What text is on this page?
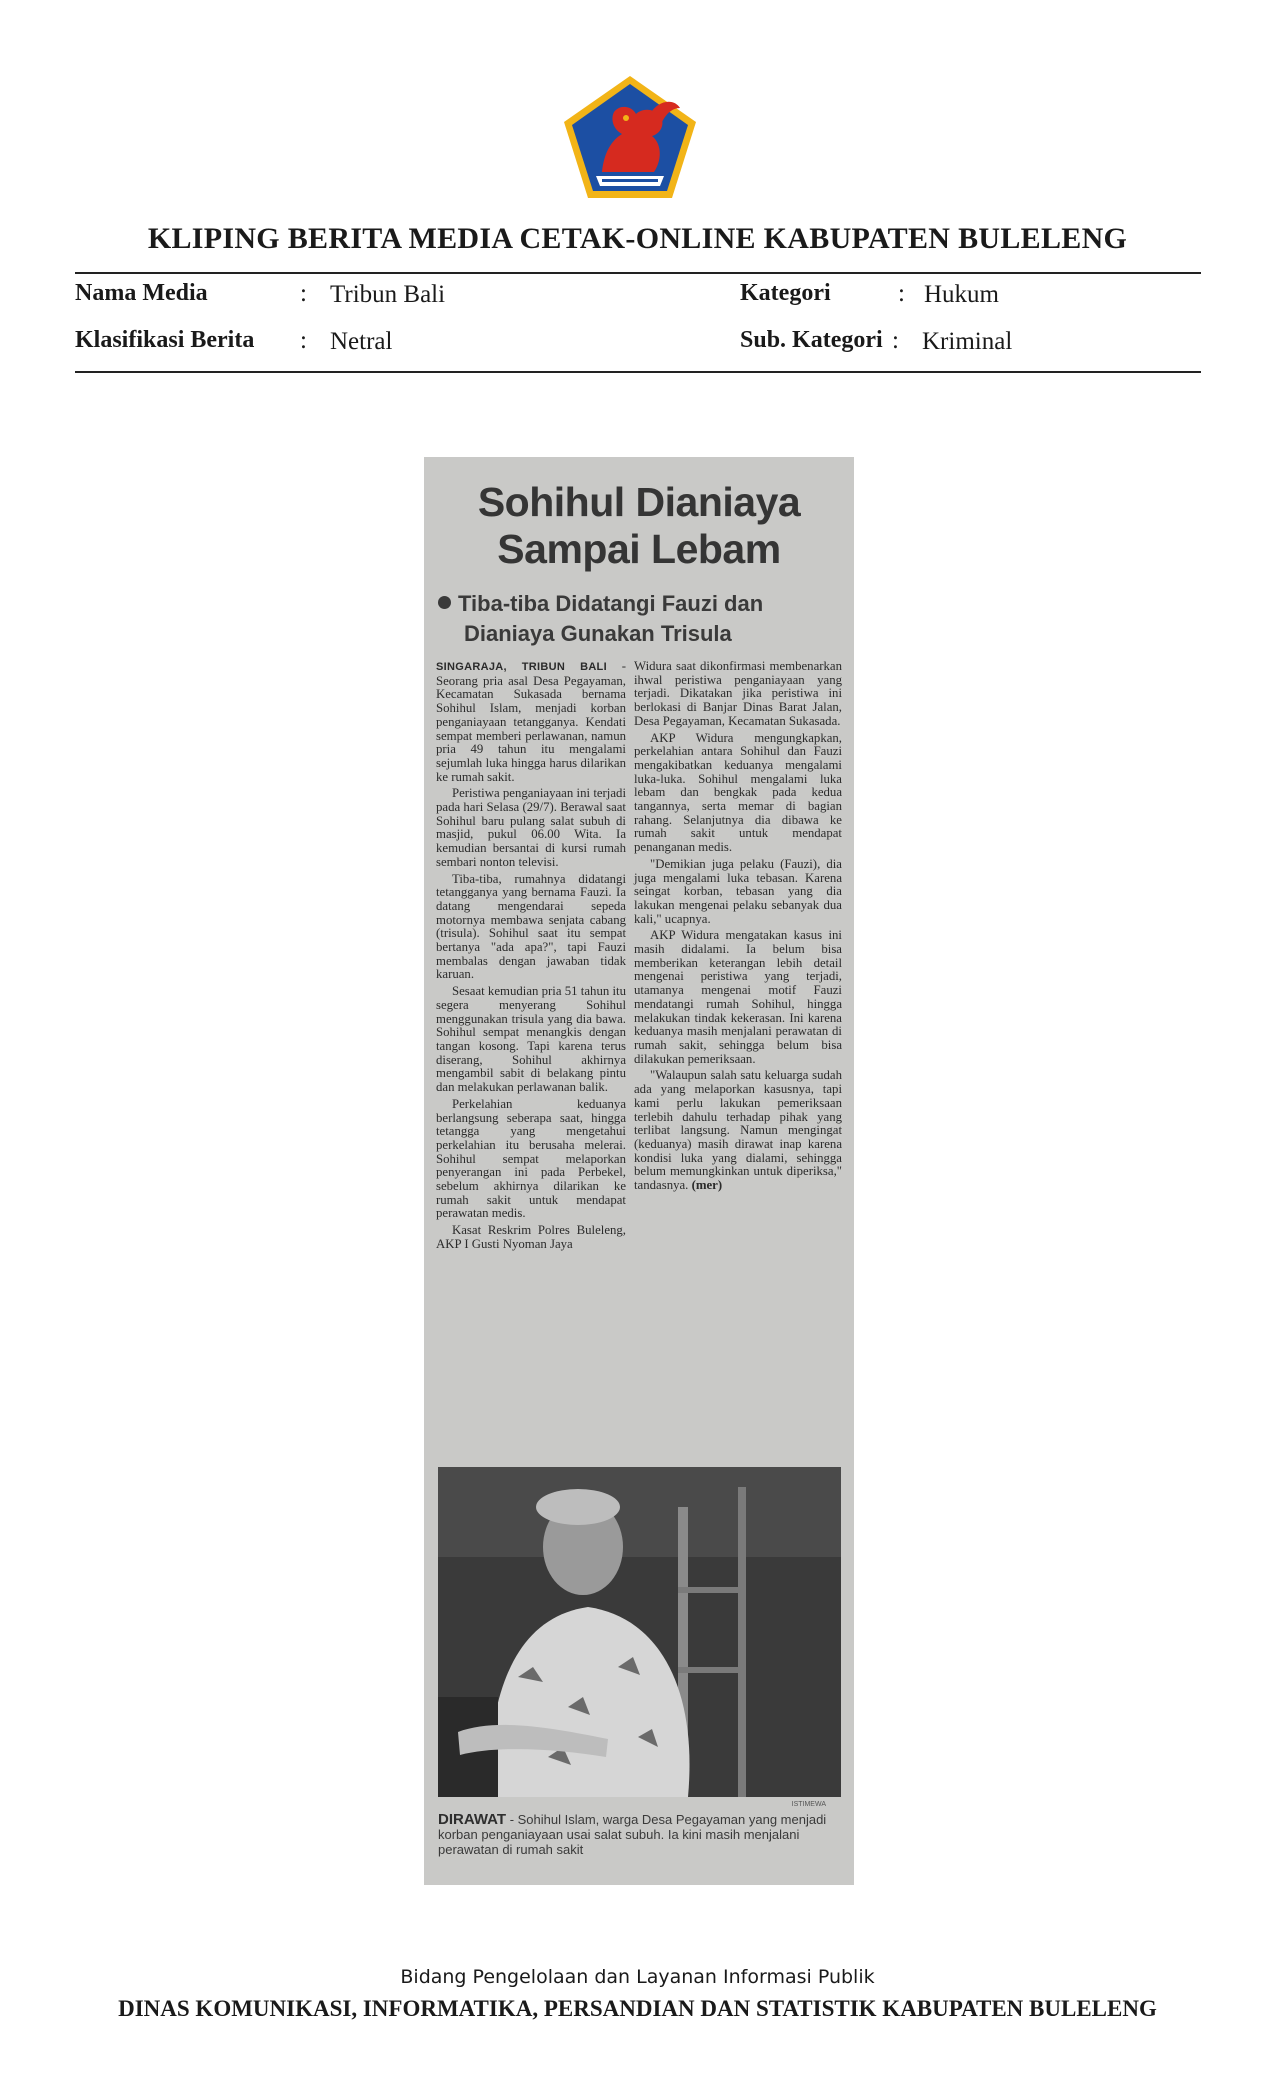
KLIPING BERITA MEDIA CETAK-ONLINE KABUPATEN BULELENG
Nama Media	: Tribun Bali	Kategori	: Hukum
Klasifikasi Berita : Netral	Sub. Kategori : Kriminal
Sohihul Dianiaya
Sampai Lebam
Tiba-tiba Didatangi Fauzi dan
Dianiaya Gunakan Trisula

SINGARAJA, TRIBUN BALI - Seorang pria asal Desa Pegayaman, Kecamatan Sukasada bernama Sohihul Islam, menjadi korban penganiayaan tetangganya. Kendati sempat memberi perlawanan, namun pria 49 tahun itu mengalami sejumlah luka hingga harus dilarikan ke rumah sakit.

Peristiwa penganiayaan ini terjadi pada hari Selasa (29/7). Berawal saat Sohihul baru pulang salat subuh di masjid, pukul 06.00 Wita. Ia kemudian bersantai di kursi rumah sembari nonton televisi.

Tiba-tiba, rumahnya didatangi tetangganya yang bernama Fauzi. Ia datang mengendarai sepeda motornya membawa senjata cabang (trisula). Sohihul saat itu sempat bertanya "ada apa?", tapi Fauzi membalas dengan jawaban tidak karuan.

Sesaat kemudian pria 51 tahun itu segera menyerang Sohihul menggunakan trisula yang dia bawa. Sohihul sempat menangkis dengan tangan kosong. Tapi karena terus diserang, Sohihul akhirnya mengambil sabit di belakang pintu dan melakukan perlawanan balik.

Perkelahian keduanya berlangsung seberapa saat, hingga tetangga yang mengetahui perkelahian itu berusaha melerai. Sohihul sempat melaporkan penyerangan ini pada Perbekel, sebelum akhirnya dilarikan ke rumah sakit untuk mendapat perawatan medis.

Kasat Reskrim Polres Buleleng, AKP I Gusti Nyoman Jaya

Widura saat dikonfirmasi membenarkan ihwal peristiwa penganiayaan yang terjadi. Dikatakan jika peristiwa ini berlokasi di Banjar Dinas Barat Jalan, Desa Pegayaman, Kecamatan Sukasada.

AKP Widura mengungkapkan, perkelahian antara Sohihul dan Fauzi mengakibatkan keduanya mengalami luka-luka. Sohihul mengalami luka lebam dan bengkak pada kedua tangannya, serta memar di bagian rahang. Selanjutnya dia dibawa ke rumah sakit untuk mendapat penanganan medis.

"Demikian juga pelaku (Fauzi), dia juga mengalami luka tebasan. Karena seingat korban, tebasan yang dia lakukan mengenai pelaku sebanyak dua kali," ucapnya.

AKP Widura mengatakan kasus ini masih didalami. Ia belum bisa memberikan keterangan lebih detail mengenai peristiwa yang terjadi, utamanya mengenai motif Fauzi mendatangi rumah Sohihul, hingga melakukan tindak kekerasan. Ini karena keduanya masih menjalani perawatan di rumah sakit, sehingga belum bisa dilakukan pemeriksaan.

"Walaupun salah satu keluarga sudah ada yang melaporkan kasusnya, tapi kami perlu lakukan pemeriksaan terlebih dahulu terhadap pihak yang terlibat langsung. Namun mengingat (keduanya) masih dirawat inap karena kondisi luka yang dialami, sehingga belum memungkinkan untuk diperiksa," tandasnya. (mer)

ISTIMEWA
DIRAWAT - Sohihul Islam, warga Desa Pegayaman yang menjadi korban penganiayaan usai salat subuh. Ia kini masih menjalani perawatan di rumah sakit
Bidang Pengelolaan dan Layanan Informasi Publik
DINAS KOMUNIKASI, INFORMATIKA, PERSANDIAN DAN STATISTIK KABUPATEN BULELENG
